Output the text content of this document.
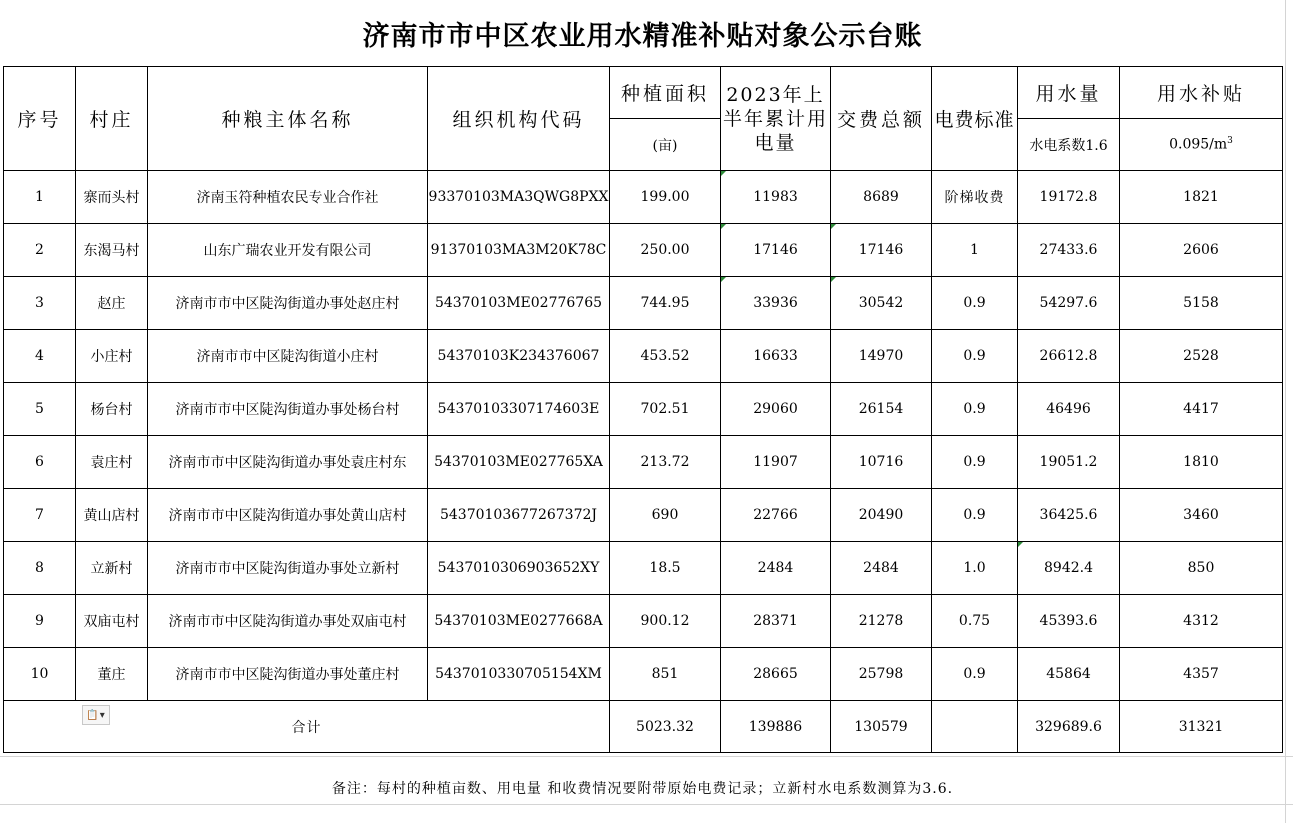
济南市市中区农业用水精准补贴对象公示台账
序号	村庄	种粮主体名称	组织机构代码	种植面积	2023年上半年累计用电量	交费总额	电费标准	用水量	用水补贴
				(亩)				水电系数1.6	$0.095/m^3$
1	寨而头村	济南玉符种植农民专业合作社	93370103MA3QWG8PXX	199.00	11983	8689	阶梯收费	19172.8	1821
2	东渴马村	山东广瑞农业开发有限公司	91370103MA3M20K78C	250.00	17146	17146	1	27433.6	2606
3	赵庄	济南市市中区陡沟街道办事处赵庄村	54370103ME02776765	744.95	33936	30542	0.9	54297.6	5158
4	小庄村	济南市市中区陡沟街道小庄村	54370103K234376067	453.52	16633	14970	0.9	26612.8	2528
5	杨台村	济南市市中区陡沟街道办事处杨台村	54370103307174603E	702.51	29060	26154	0.9	46496	4417
6	袁庄村	济南市市中区陡沟街道办事处袁庄村东	54370103ME027765XA	213.72	11907	10716	0.9	19051.2	1810
7	黄山店村	济南市市中区陡沟街道办事处黄山店村	54370103677267372J	690	22766	20490	0.9	36425.6	3460
8	立新村	济南市市中区陡沟街道办事处立新村	5437010306903652XY	18.5	2484	2484	1.0	8942.4	850
9	双庙屯村	济南市市中区陡沟街道办事处双庙屯村	54370103ME0277668A	900.12	28371	21278	0.75	45393.6	4312
10	董庄	济南市市中区陡沟街道办事处董庄村	5437010330705154XM	851	28665	25798	0.9	45864	4357

📋▾
合计				5023.32	139886	130579		329689.6	31321
备注：每村的种植亩数、用电量 和收费情况要附带原始电费记录；立新村水电系数测算为3.6.
